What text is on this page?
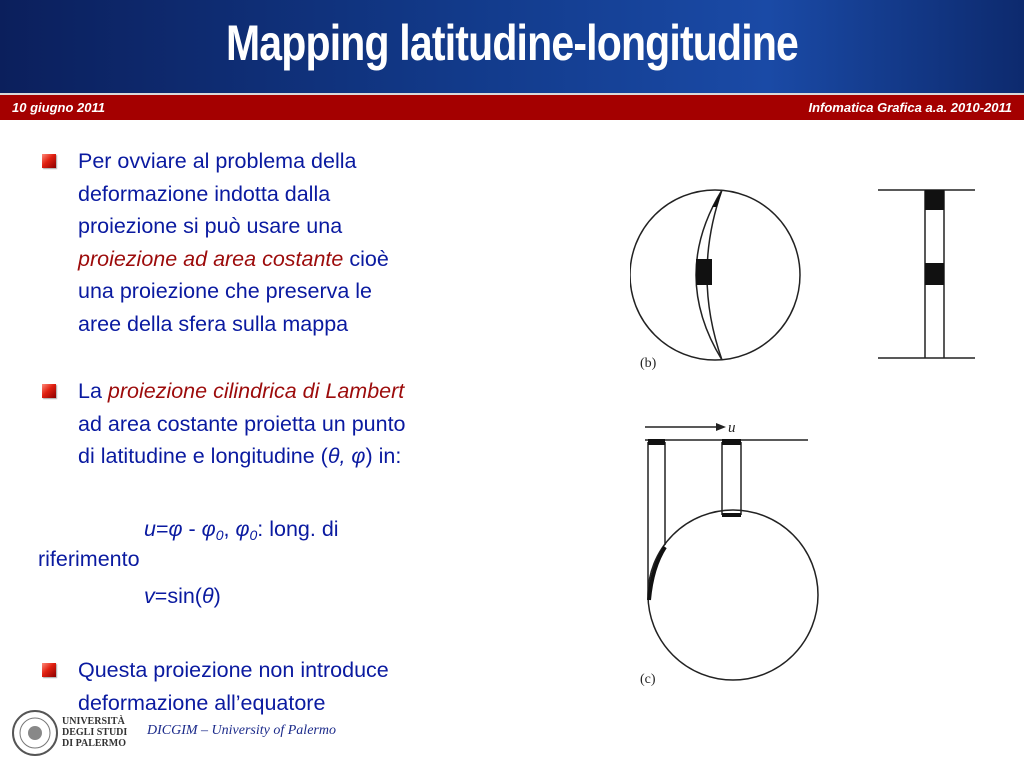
Mapping latitudine-longitudine
10 giugno 2011	Infomatica Grafica a.a. 2010-2011
Per ovviare al problema della
deformazione indotta dalla
proiezione si può usare una
proiezione ad area costante cioè
una proiezione che preserva le
aree della sfera sulla mappa
La proiezione cilindrica di Lambert
ad area costante proietta un punto
di latitudine e longitudine (θ, φ) in:
$u=\varphi - \varphi_0$, $\varphi_0$: long. di
riferimento
v=sin(θ)
Questa proiezione non introduce
deformazione all’equatore
(b)
u
(c)
UNIVERSITÀ
DEGLI STUDI
DI PALERMO
DICGIM – University of Palermo
